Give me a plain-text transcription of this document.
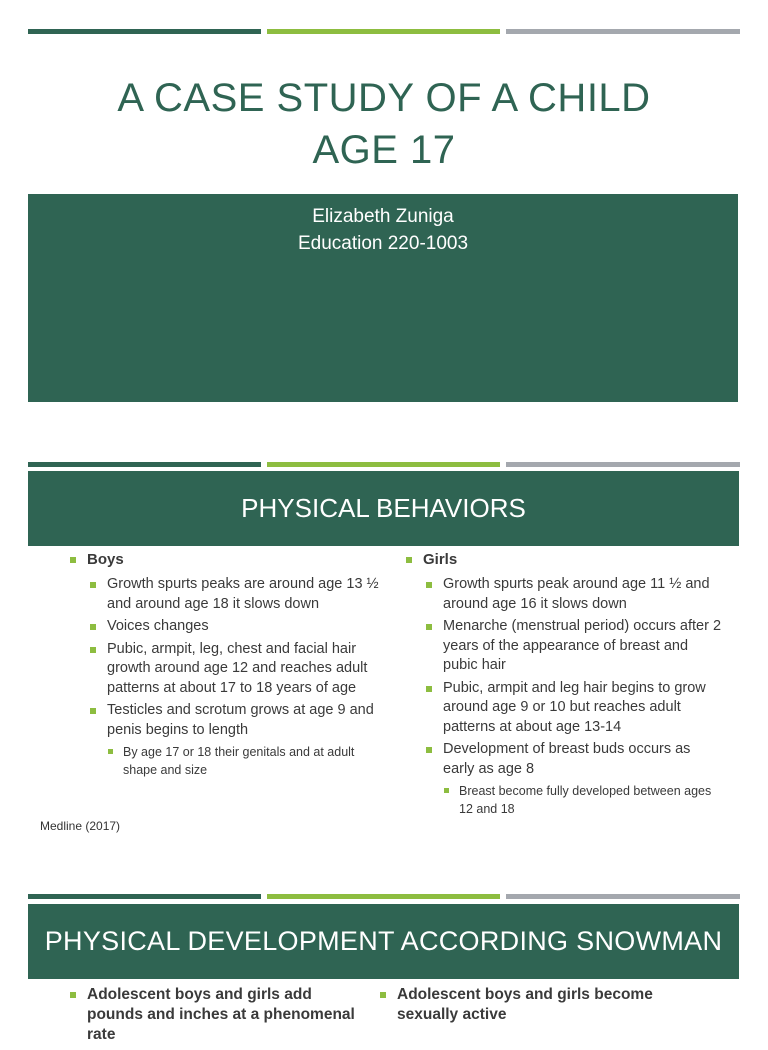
A CASE STUDY OF A CHILD
AGE 17

Elizabeth Zuniga

Education 220-1003

PHYSICAL BEHAVIORS
Boys
Growth spurts peaks are around age 13 ½ and around age 18 it slows down
Voices changes
Pubic, armpit, leg, chest and facial hair growth around age 12 and reaches adult patterns at about 17 to 18 years of age
Testicles and scrotum grows at age 9 and penis begins to length
By age 17 or 18 their genitals and at adult shape and size
Girls
Growth spurts peak around age 11 ½ and around age 16 it slows down
Menarche (menstrual period) occurs after 2 years of the appearance of breast and pubic hair
Pubic, armpit and leg hair begins to grow around age 9 or 10 but reaches adult patterns at about age 13-14
Development of breast buds occurs as early as age 8
Breast become fully developed between ages 12 and 18
Medline (2017)
PHYSICAL DEVELOPMENT ACCORDING SNOWMAN
Adolescent boys and girls add pounds and inches at a phenomenal rate
Adolescent boys and girls become sexually active
